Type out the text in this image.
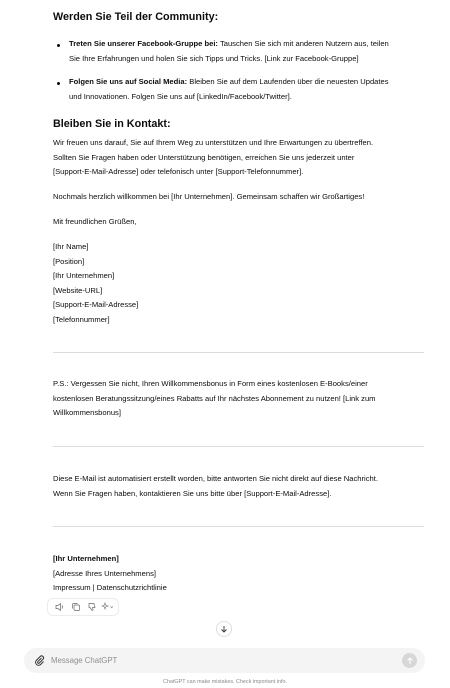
Werden Sie Teil der Community:
Treten Sie unserer Facebook-Gruppe bei: Tauschen Sie sich mit anderen Nutzern aus, teilen
Sie Ihre Erfahrungen und holen Sie sich Tipps und Tricks. [Link zur Facebook-Gruppe]
Folgen Sie uns auf Social Media: Bleiben Sie auf dem Laufenden über die neuesten Updates
und Innovationen. Folgen Sie uns auf [LinkedIn/Facebook/Twitter].
Bleiben Sie in Kontakt:
Wir freuen uns darauf, Sie auf Ihrem Weg zu unterstützen und Ihre Erwartungen zu übertreffen.
Sollten Sie Fragen haben oder Unterstützung benötigen, erreichen Sie uns jederzeit unter
[Support-E-Mail-Adresse] oder telefonisch unter [Support-Telefonnummer].
Nochmals herzlich willkommen bei [Ihr Unternehmen]. Gemeinsam schaffen wir Großartiges!
Mit freundlichen Grüßen,
[Ihr Name]
[Position]
[Ihr Unternehmen]
[Website-URL]
[Support-E-Mail-Adresse]
[Telefonnummer]
P.S.: Vergessen Sie nicht, Ihren Willkommensbonus in Form eines kostenlosen E-Books/einer
kostenlosen Beratungssitzung/eines Rabatts auf Ihr nächstes Abonnement zu nutzen! [Link zum
Willkommensbonus]
Diese E-Mail ist automatisiert erstellt worden, bitte antworten Sie nicht direkt auf diese Nachricht.
Wenn Sie Fragen haben, kontaktieren Sie uns bitte über [Support-E-Mail-Adresse].
[Ihr Unternehmen]
[Adresse Ihres Unternehmens]
Impressum | Datenschutzrichtlinie
Message ChatGPT
ChatGPT can make mistakes. Check important info.
